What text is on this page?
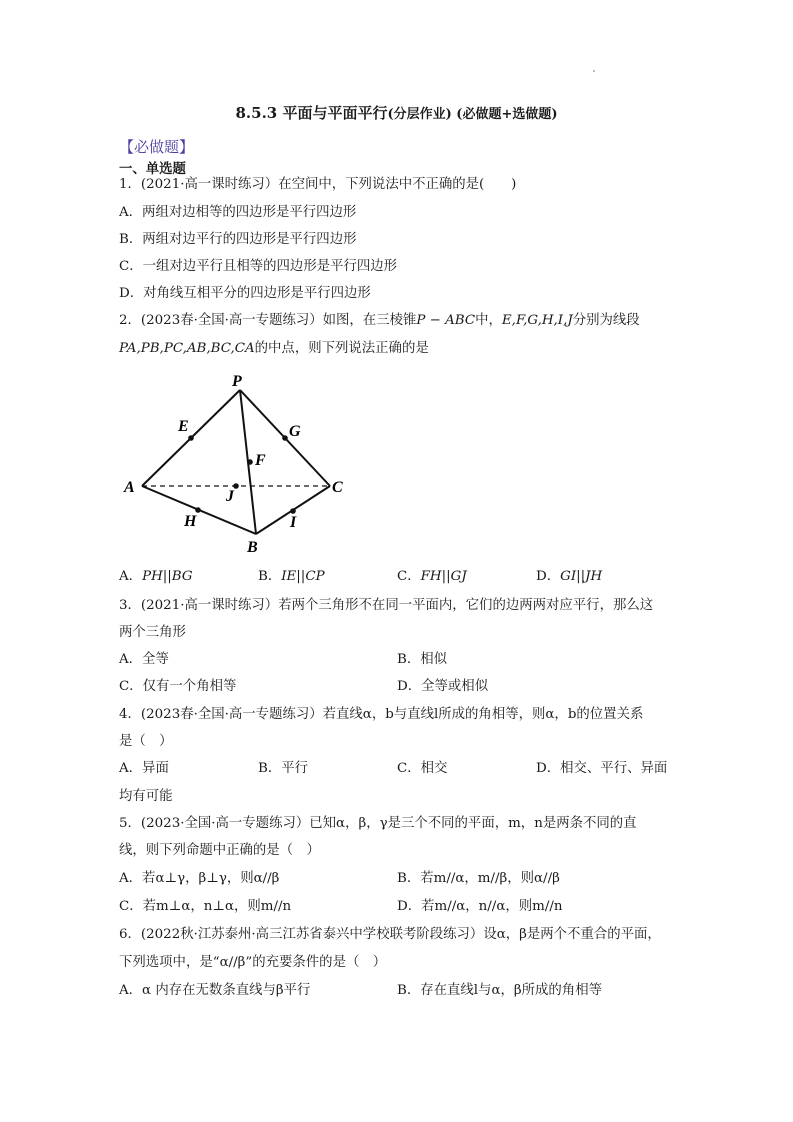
8.5.3 平面与平面平行(分层作业) (必做题+选做题)
【必做题】
一、单选题
1．(2021·高一课时练习）在空间中，下列说法中不正确的是(　　)
A．两组对边相等的四边形是平行四边形
B．两组对边平行的四边形是平行四边形
C．一组对边平行且相等的四边形是平行四边形
D．对角线互相平分的四边形是平行四边形
2．(2023春·全国·高一专题练习）如图，在三棱锥P − ABC中，E,F,G,H,I,J分别为线段
PA,PB,PC,AB,BC,CA的中点，则下列说法正确的是
P
E	G
F
A
J
C
H	I
B
A．PH||BG	B．IE||CP	C．FH||GJ	D．GI||JH
3．(2021·高一课时练习）若两个三角形不在同一平面内，它们的边两两对应平行，那么这
两个三角形
A．全等	B．相似
C．仅有一个角相等	D．全等或相似
4．(2023春·全国·高一专题练习）若直线α，b与直线l所成的角相等，则α，b的位置关系
是（　）
A．异面	B．平行	C．相交	D．相交、平行、异面
均有可能
5．(2023·全国·高一专题练习）已知α，β，γ是三个不同的平面，m，n是两条不同的直
线，则下列命题中正确的是（　）
A．若α⊥γ，β⊥γ，则α//β	B．若m//α，m//β，则α//β
C．若m⊥α，n⊥α，则m//n	D．若m//α，n//α，则m//n
6．(2022秋·江苏泰州·高三江苏省泰兴中学校联考阶段练习）设α，β是两个不重合的平面，
下列选项中，是“α//β”的充要条件的是（　）
A．α 内存在无数条直线与β平行	B．存在直线l与α，β所成的角相等
